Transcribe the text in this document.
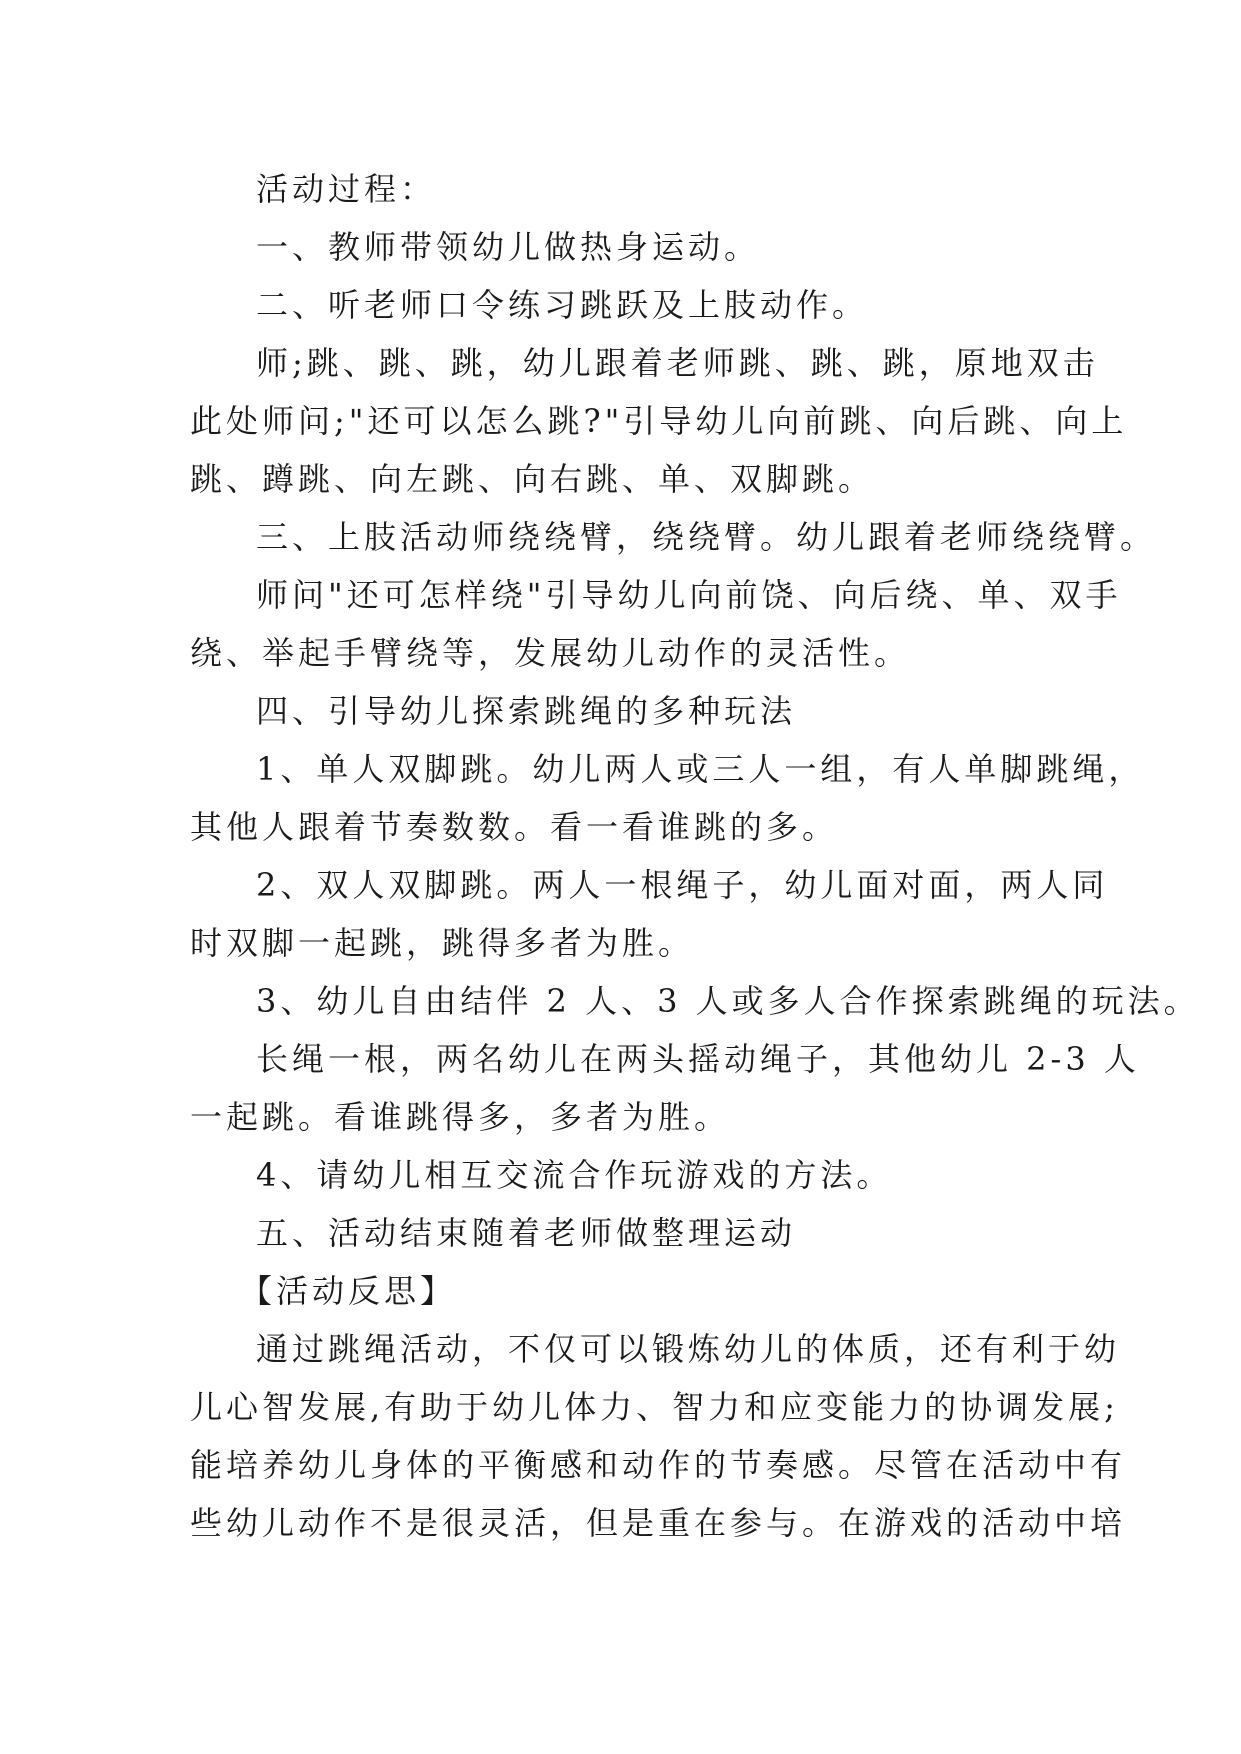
活动过程：

一、教师带领幼儿做热身运动。

二、听老师口令练习跳跃及上肢动作。

师;跳、跳、跳，幼儿跟着老师跳、跳、跳，原地双击

此处师问;"还可以怎么跳?"引导幼儿向前跳、向后跳、向上

跳、蹲跳、向左跳、向右跳、单、双脚跳。

三、上肢活动师绕绕臂，绕绕臂。幼儿跟着老师绕绕臂。

师问"还可怎样绕"引导幼儿向前饶、向后绕、单、双手

绕、举起手臂绕等，发展幼儿动作的灵活性。

四、引导幼儿探索跳绳的多种玩法

1、单人双脚跳。幼儿两人或三人一组，有人单脚跳绳，

其他人跟着节奏数数。看一看谁跳的多。

2、双人双脚跳。两人一根绳子，幼儿面对面，两人同

时双脚一起跳，跳得多者为胜。

3、幼儿自由结伴 2 人、3 人或多人合作探索跳绳的玩法。

长绳一根，两名幼儿在两头摇动绳子，其他幼儿 2-3 人

一起跳。看谁跳得多，多者为胜。

4、请幼儿相互交流合作玩游戏的方法。

五、活动结束随着老师做整理运动

【活动反思】

通过跳绳活动，不仅可以锻炼幼儿的体质，还有利于幼

儿心智发展,有助于幼儿体力、智力和应变能力的协调发展;

能培养幼儿身体的平衡感和动作的节奏感。尽管在活动中有

些幼儿动作不是很灵活，但是重在参与。在游戏的活动中培
